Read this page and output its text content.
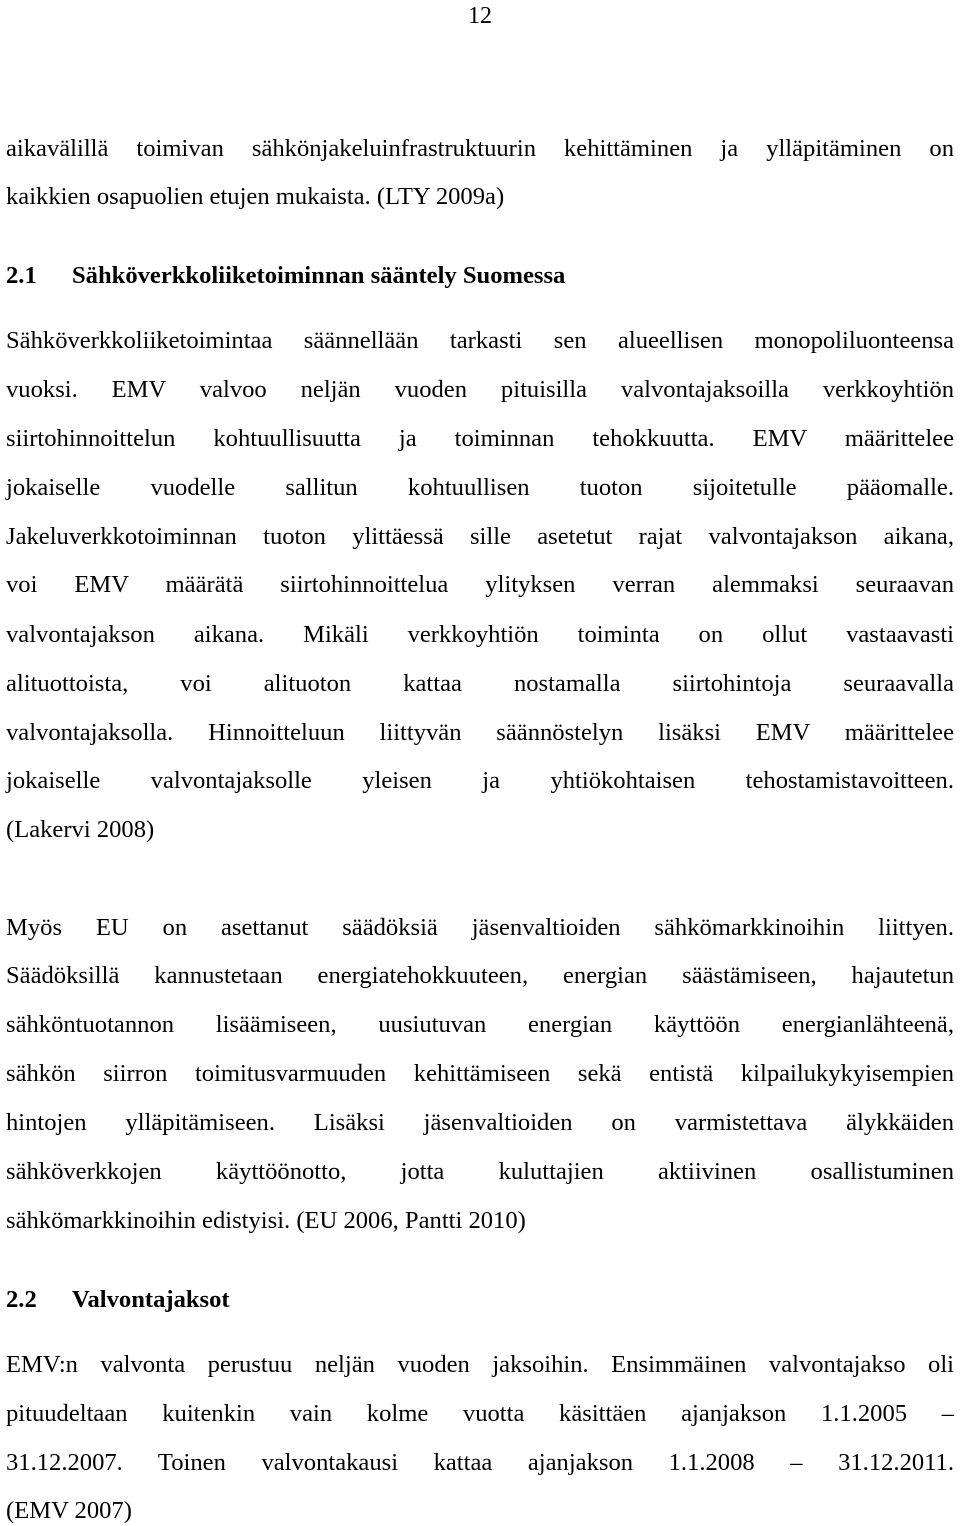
12
aikavälillä toimivan sähkönjakeluinfrastruktuurin kehittäminen ja ylläpitäminen on
kaikkien osapuolien etujen mukaista. (LTY 2009a)
2.1 Sähköverkkoliiketoiminnan sääntely Suomessa
Sähköverkkoliiketoimintaa säännellään tarkasti sen alueellisen monopoliluonteensa
vuoksi. EMV valvoo neljän vuoden pituisilla valvontajaksoilla verkkoyhtiön
siirtohinnoittelun kohtuullisuutta ja toiminnan tehokkuutta. EMV määrittelee
jokaiselle vuodelle sallitun kohtuullisen tuoton sijoitetulle pääomalle.
Jakeluverkkotoiminnan tuoton ylittäessä sille asetetut rajat valvontajakson aikana,
voi EMV määrätä siirtohinnoittelua ylityksen verran alemmaksi seuraavan
valvontajakson aikana. Mikäli verkkoyhtiön toiminta on ollut vastaavasti
alituottoista, voi alituoton kattaa nostamalla siirtohintoja seuraavalla
valvontajaksolla. Hinnoitteluun liittyvän säännöstelyn lisäksi EMV määrittelee
jokaiselle valvontajaksolle yleisen ja yhtiökohtaisen tehostamistavoitteen.
(Lakervi 2008)
Myös EU on asettanut säädöksiä jäsenvaltioiden sähkömarkkinoihin liittyen.
Säädöksillä kannustetaan energiatehokkuuteen, energian säästämiseen, hajautetun
sähköntuotannon lisäämiseen, uusiutuvan energian käyttöön energianlähteenä,
sähkön siirron toimitusvarmuuden kehittämiseen sekä entistä kilpailukykyisempien
hintojen ylläpitämiseen. Lisäksi jäsenvaltioiden on varmistettava älykkäiden
sähköverkkojen käyttöönotto, jotta kuluttajien aktiivinen osallistuminen
sähkömarkkinoihin edistyisi. (EU 2006, Pantti 2010)
2.2 Valvontajaksot
EMV:n valvonta perustuu neljän vuoden jaksoihin. Ensimmäinen valvontajakso oli
pituudeltaan kuitenkin vain kolme vuotta käsittäen ajanjakson 1.1.2005 –
31.12.2007. Toinen valvontakausi kattaa ajanjakson 1.1.2008 – 31.12.2011.
(EMV 2007)
